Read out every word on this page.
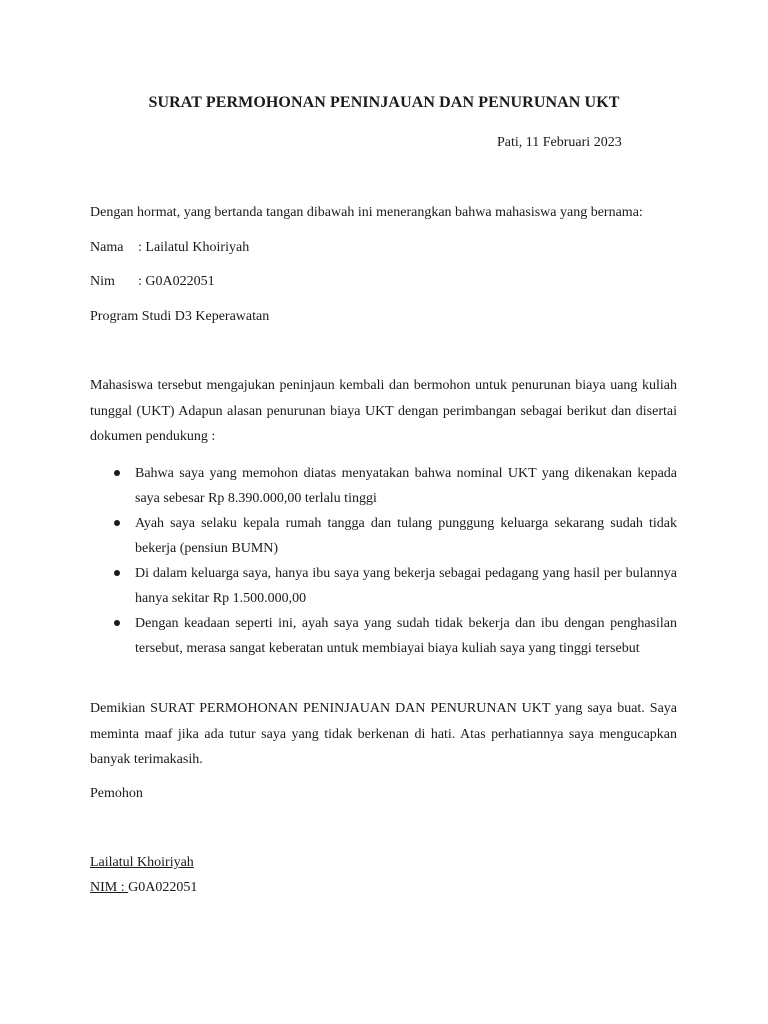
SURAT PERMOHONAN PENINJAUAN DAN PENURUNAN UKT
Pati, 11 Februari 2023
Dengan hormat, yang bertanda tangan dibawah ini menerangkan bahwa mahasiswa yang bernama:
Nama : Lailatul Khoiriyah
Nim : G0A022051
Program Studi D3 Keperawatan
Mahasiswa tersebut mengajukan peninjaun kembali dan bermohon untuk penurunan biaya uang kuliah tunggal (UKT) Adapun alasan penurunan biaya UKT dengan perimbangan sebagai berikut dan disertai dokumen pendukung :
Bahwa saya yang memohon diatas menyatakan bahwa nominal UKT yang dikenakan kepada saya sebesar Rp 8.390.000,00 terlalu tinggi
Ayah saya selaku kepala rumah tangga dan tulang punggung keluarga sekarang sudah tidak bekerja (pensiun BUMN)
Di dalam keluarga saya, hanya ibu saya yang bekerja sebagai pedagang yang hasil per bulannya hanya sekitar Rp 1.500.000,00
Dengan keadaan seperti ini, ayah saya yang sudah tidak bekerja dan ibu dengan penghasilan tersebut, merasa sangat keberatan untuk membiayai biaya kuliah saya yang tinggi tersebut
Demikian SURAT PERMOHONAN PENINJAUAN DAN PENURUNAN UKT yang saya buat. Saya meminta maaf jika ada tutur saya yang tidak berkenan di hati. Atas perhatiannya saya mengucapkan banyak terimakasih.
Pemohon
Lailatul Khoiriyah
NIM : G0A022051
